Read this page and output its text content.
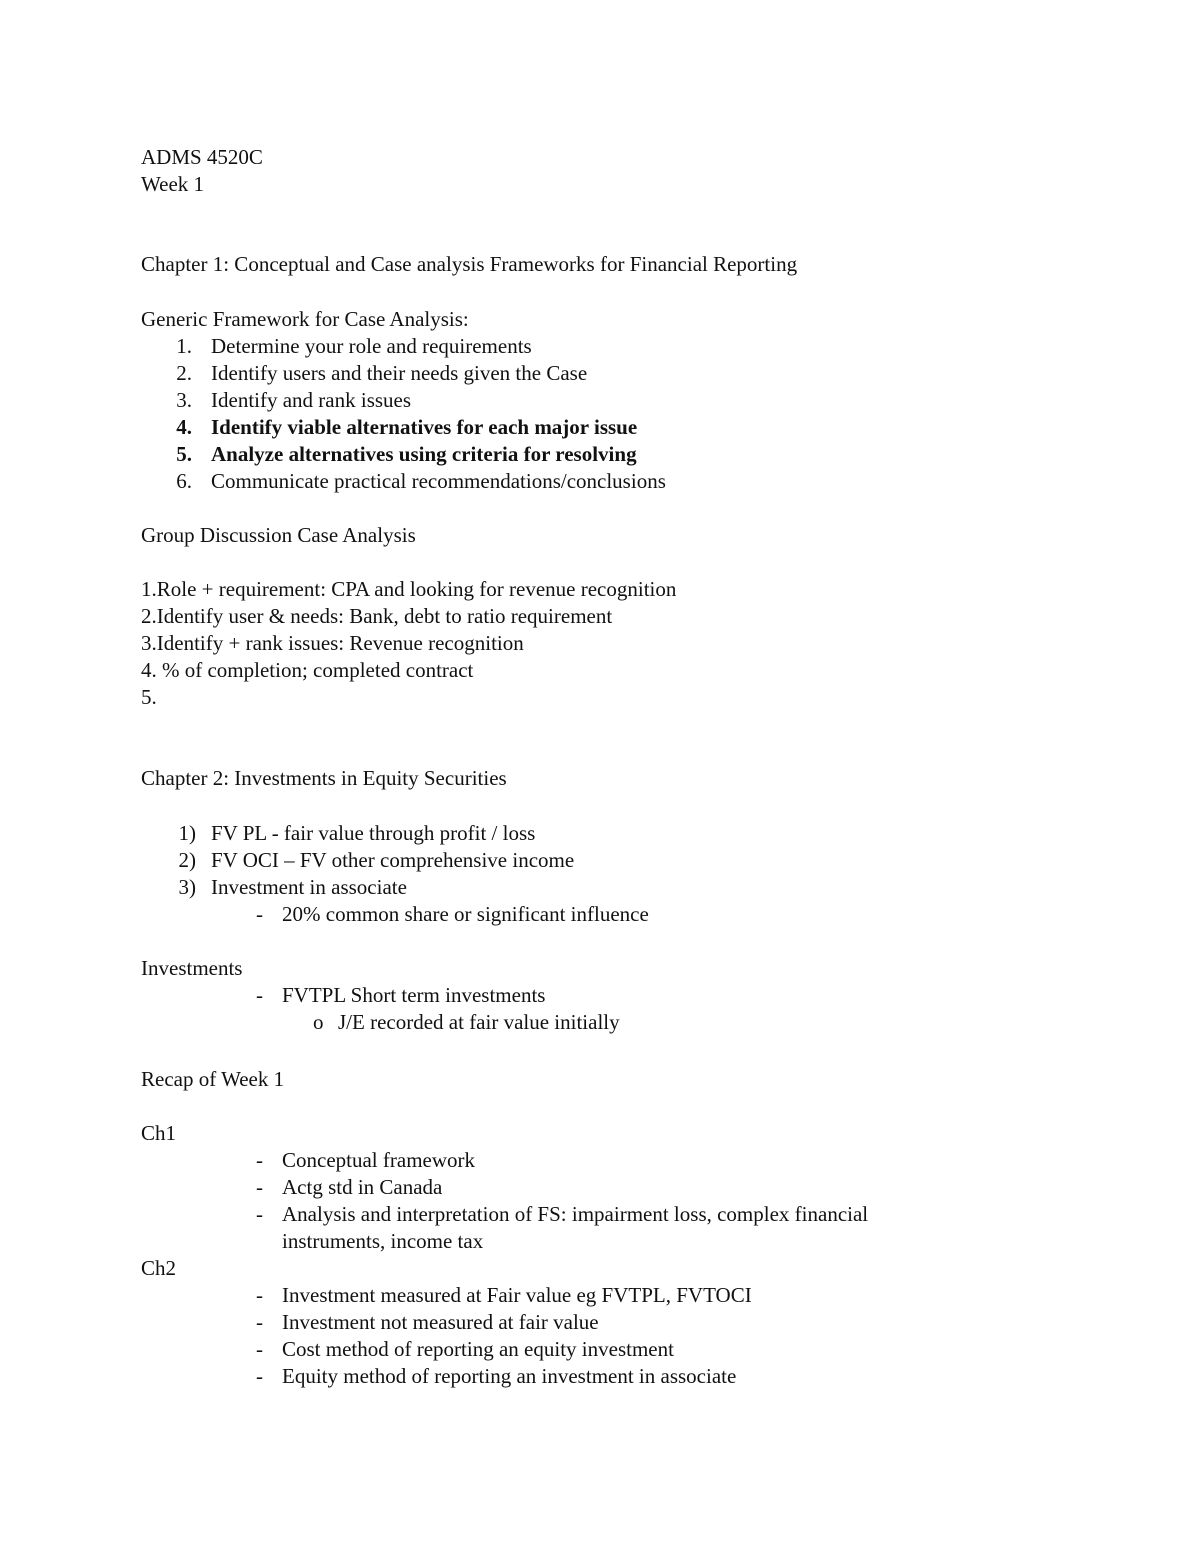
ADMS 4520C
Week 1
Chapter 1: Conceptual and Case analysis Frameworks for Financial Reporting
Generic Framework for Case Analysis:
1. Determine your role and requirements
2. Identify users and their needs given the Case
3. Identify and rank issues
4. Identify viable alternatives for each major issue
5. Analyze alternatives using criteria for resolving
6. Communicate practical recommendations/conclusions
Group Discussion Case Analysis
1.Role + requirement: CPA and looking for revenue recognition
2.Identify user & needs: Bank, debt to ratio requirement
3.Identify + rank issues: Revenue recognition
4. % of completion; completed contract
5.
Chapter 2: Investments in Equity Securities
1) FV PL - fair value through profit / loss
2) FV OCI – FV other comprehensive income
3) Investment in associate
- 20% common share or significant influence
Investments
- FVTPL Short term investments
o J/E recorded at fair value initially
Recap of Week 1
Ch1
- Conceptual framework
- Actg std in Canada
- Analysis and interpretation of FS: impairment loss, complex financial
instruments, income tax
Ch2
- Investment measured at Fair value eg FVTPL, FVTOCI
- Investment not measured at fair value
- Cost method of reporting an equity investment
- Equity method of reporting an investment in associate
